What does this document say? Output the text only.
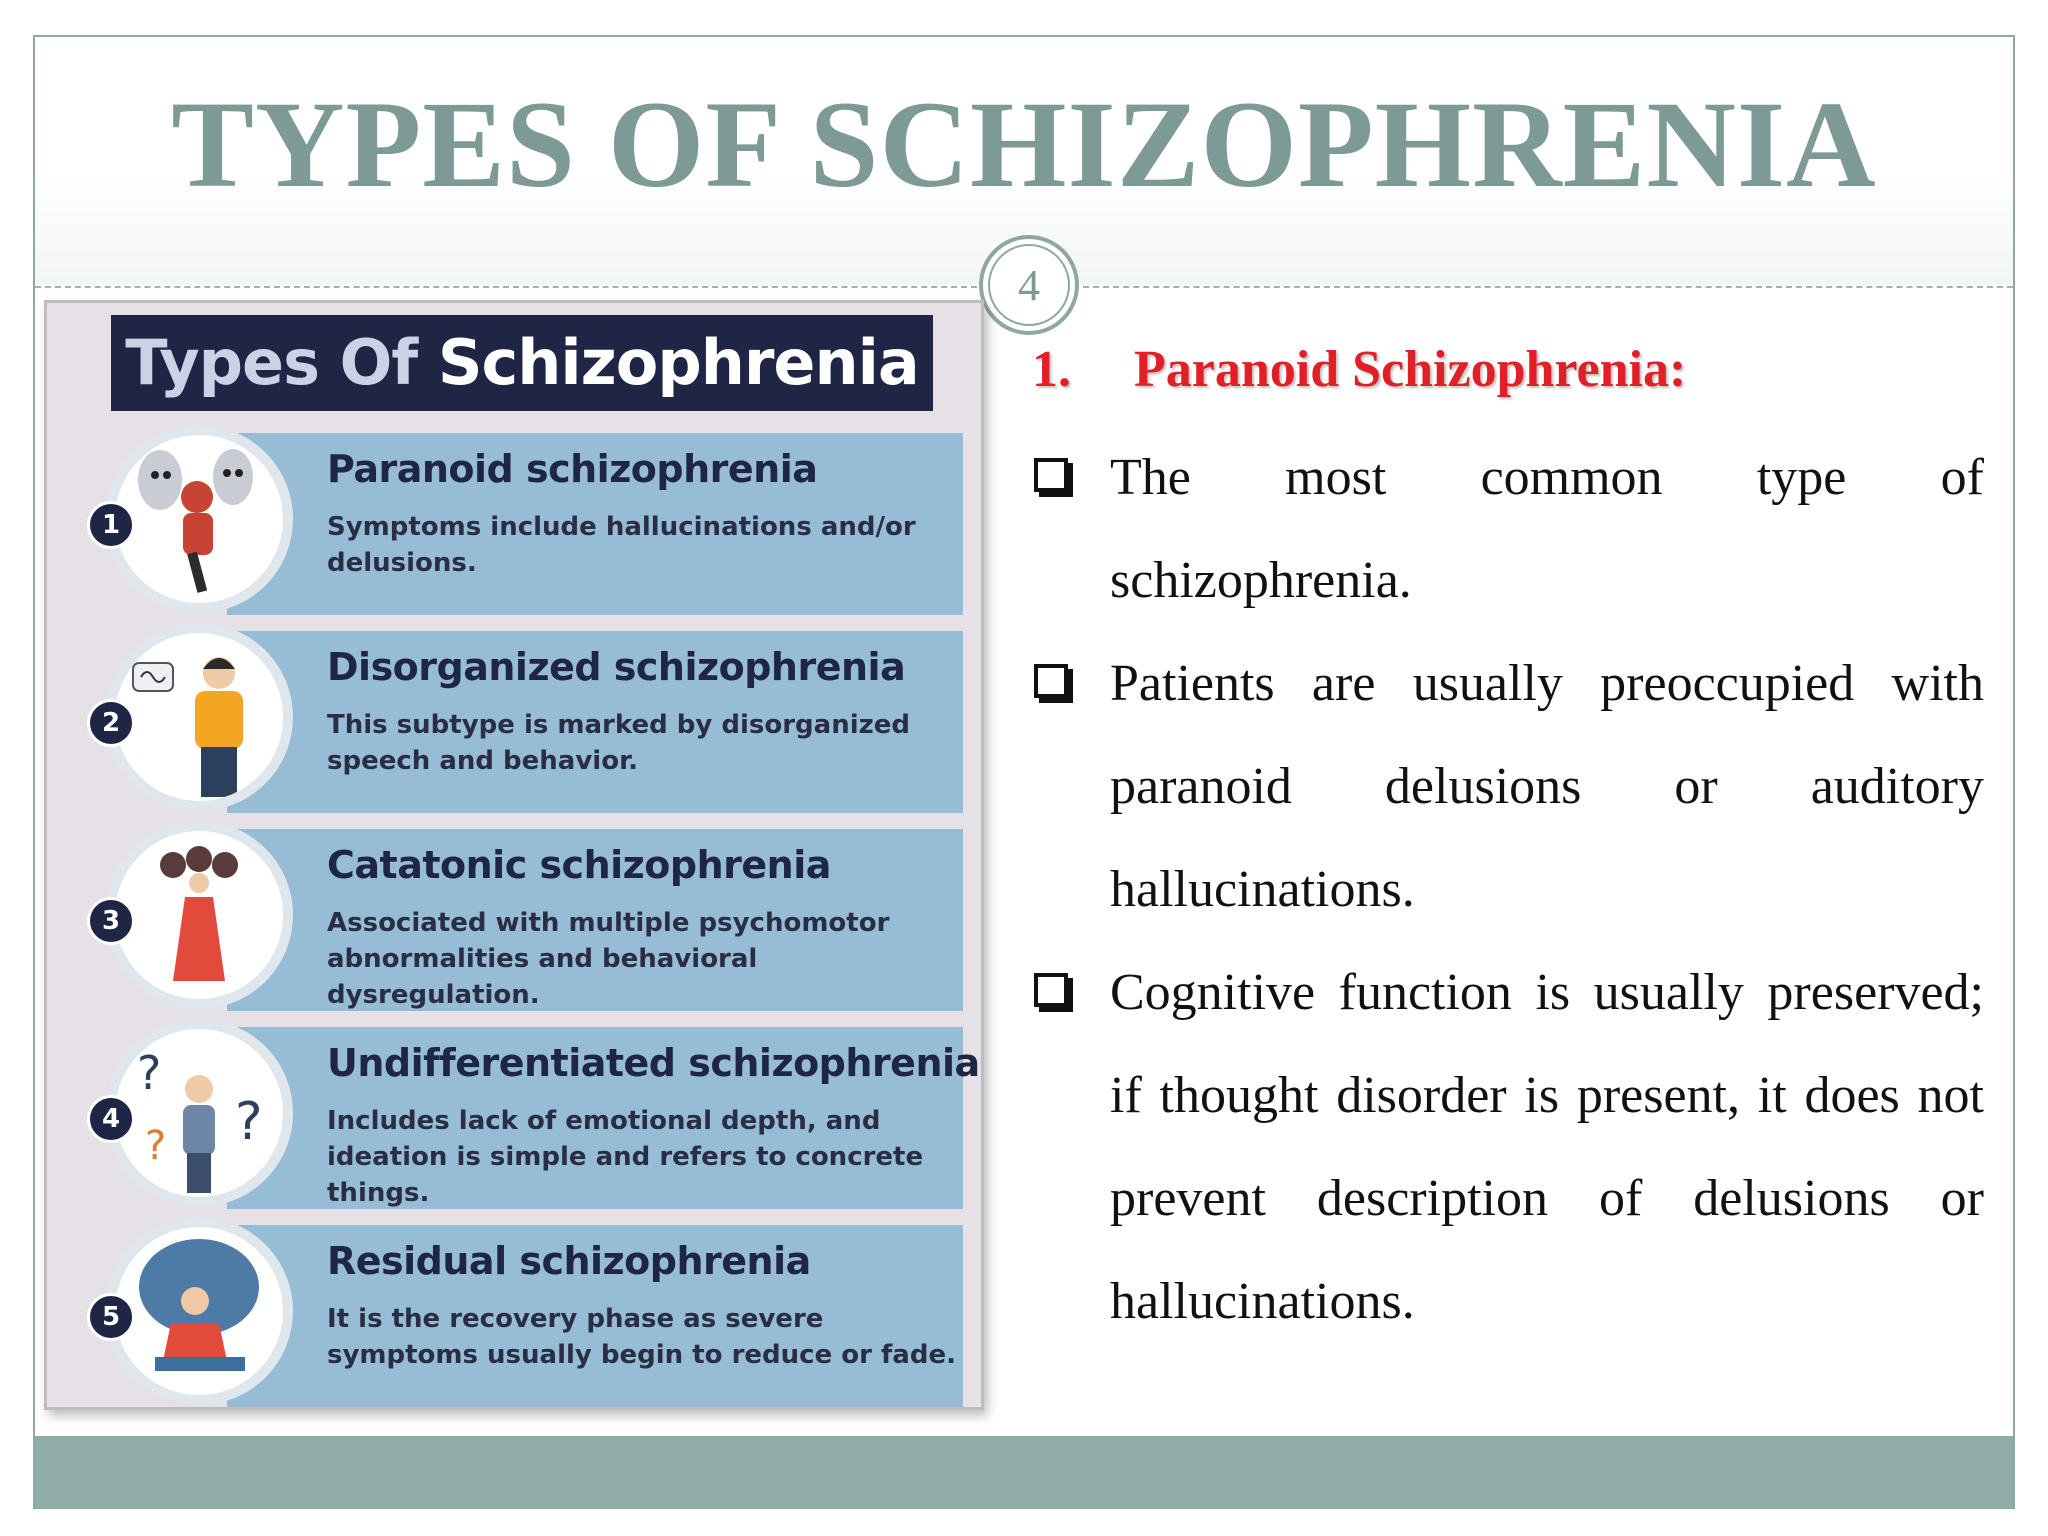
TYPES OF SCHIZOPHRENIA
4
Types Of Schizophrenia
1
Paranoid schizophrenia
Symptoms include hallucinations and/or delusions.
2
Disorganized schizophrenia
This subtype is marked by disorganized speech and behavior.
3
Catatonic schizophrenia
Associated with multiple psychomotor abnormalities and behavioral dysregulation.
?
?
?
4
Undifferentiated schizophrenia
Includes lack of emotional depth, and ideation is simple and refers to concrete things.
5
Residual schizophrenia
It is the recovery phase as severe symptoms usually begin to reduce or fade.
1. Paranoid Schizophrenia:
The most common type of schizophrenia.
Patients are usually preoccupied with paranoid delusions or auditory hallucinations.
Cognitive function is usually preserved; if thought disorder is present, it does not prevent description of delusions or hallucinations.
